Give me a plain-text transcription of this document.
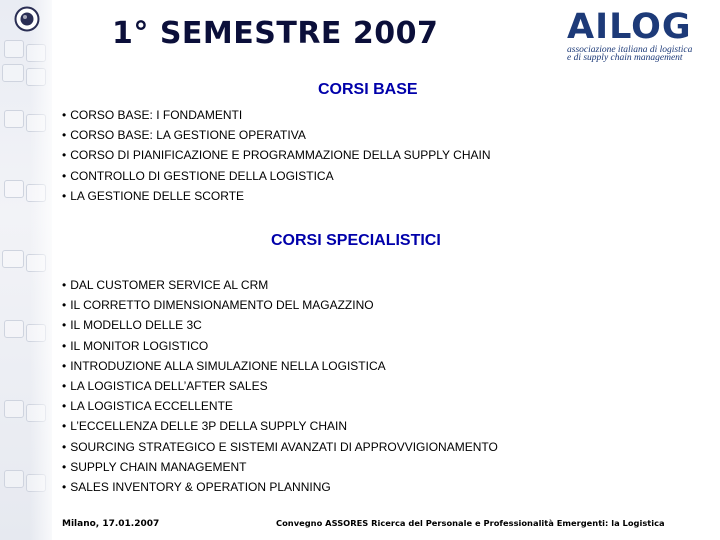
1° SEMESTRE 2007	AILOG
associazione italiana di logistica
e di supply chain management
CORSI BASE
• CORSO BASE: I FONDAMENTI
• CORSO BASE: LA GESTIONE OPERATIVA
• CORSO DI PIANIFICAZIONE E PROGRAMMAZIONE DELLA SUPPLY CHAIN
• CONTROLLO DI GESTIONE DELLA LOGISTICA
• LA GESTIONE DELLE SCORTE
CORSI SPECIALISTICI
• DAL CUSTOMER SERVICE AL CRM
• IL CORRETTO DIMENSIONAMENTO DEL MAGAZZINO
• IL MODELLO DELLE 3C
• IL MONITOR LOGISTICO
• INTRODUZIONE ALLA SIMULAZIONE NELLA LOGISTICA
• LA LOGISTICA DELL’AFTER SALES
• LA LOGISTICA ECCELLENTE
• L’ECCELLENZA DELLE 3P DELLA SUPPLY CHAIN
• SOURCING STRATEGICO E SISTEMI AVANZATI DI APPROVVIGIONAMENTO
• SUPPLY CHAIN MANAGEMENT
• SALES INVENTORY & OPERATION PLANNING
Milano, 17.01.2007	Convegno ASSORES Ricerca del Personale e Professionalità Emergenti: la Logistica
